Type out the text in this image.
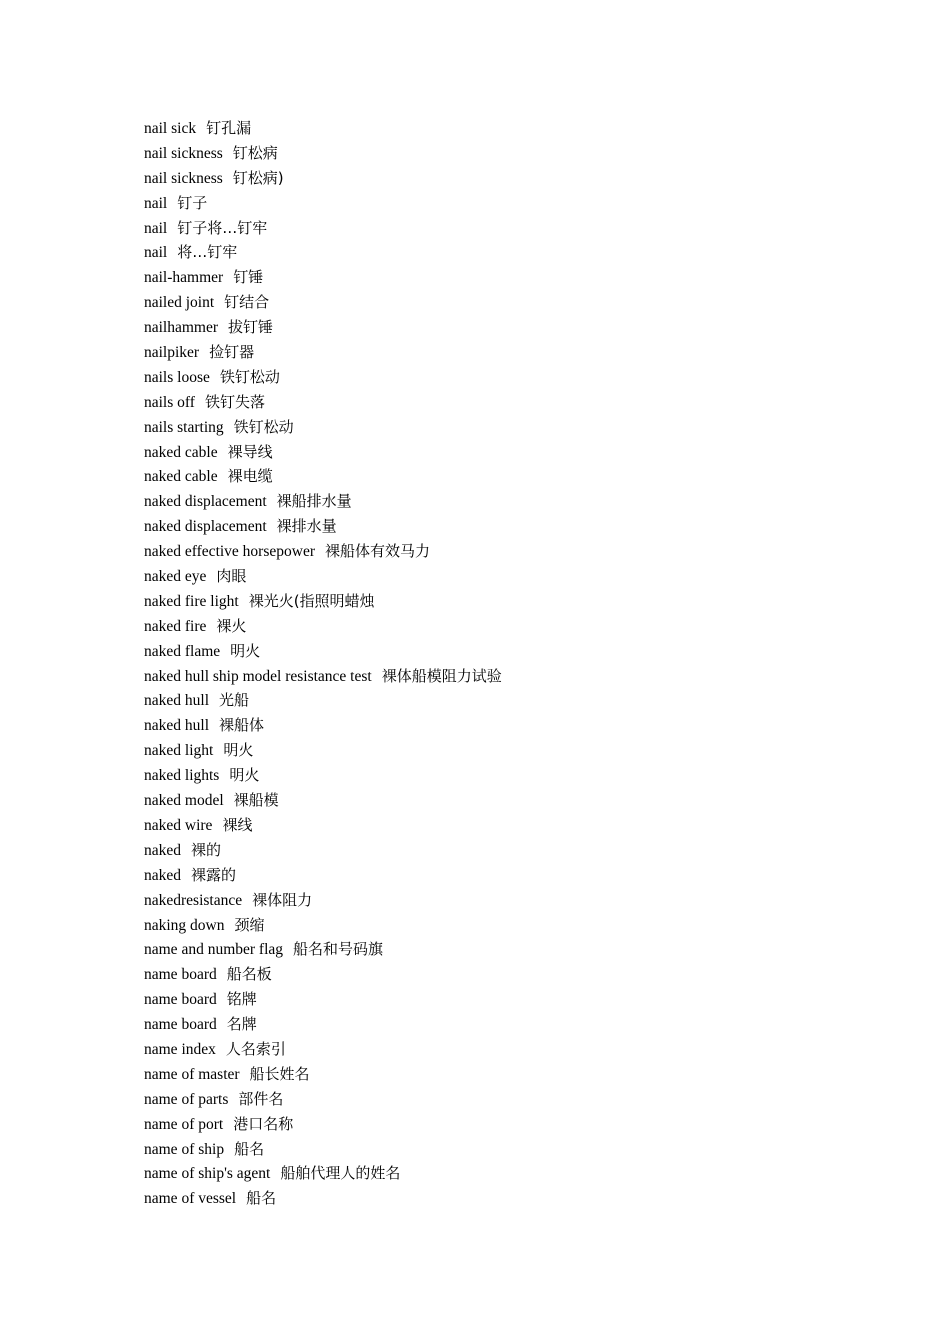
nail sick 钉孔漏
nail sickness 钉松病
nail sickness 钉松病)
nail 钉子
nail 钉子将…钉牢
nail 将…钉牢
nail-hammer 钉锤
nailed joint 钉结合
nailhammer 拔钉锤
nailpiker 捡钉器
nails loose 铁钉松动
nails off 铁钉失落
nails starting 铁钉松动
naked cable 裸导线
naked cable 裸电缆
naked displacement 裸船排水量
naked displacement 裸排水量
naked effective horsepower 裸船体有效马力
naked eye 肉眼
naked fire light 裸光火(指照明蜡烛
naked fire 裸火
naked flame 明火
naked hull ship model resistance test 裸体船模阻力试验
naked hull 光船
naked hull 裸船体
naked light 明火
naked lights 明火
naked model 裸船模
naked wire 裸线
naked 裸的
naked 裸露的
nakedresistance 裸体阻力
naking down 颈缩
name and number flag 船名和号码旗
name board 船名板
name board 铭牌
name board 名牌
name index 人名索引
name of master 船长姓名
name of parts 部件名
name of port 港口名称
name of ship 船名
name of ship's agent 船舶代理人的姓名
name of vessel 船名
